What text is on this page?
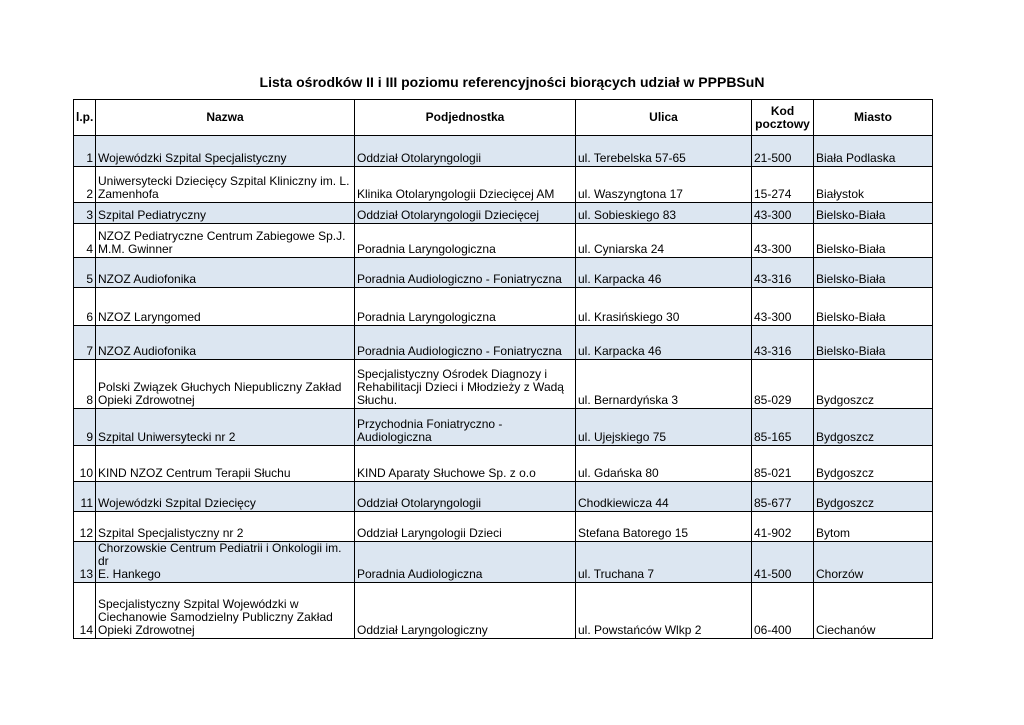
Lista ośrodków II i III poziomu referencyjności biorących udział w PPPBSuN
l.p.	Nazwa	Podjednostka	Ulica	Kod pocztowy	Miasto
1	Wojewódzki Szpital Specjalistyczny	Oddział Otolaryngologii	ul. Terebelska 57-65	21-500	Biała Podlaska
2	Uniwersytecki Dziecięcy Szpital Kliniczny im. L.
Zamenhofa	Klinika Otolaryngologii Dziecięcej AM	ul. Waszyngtona 17	15-274	Białystok
3	Szpital Pediatryczny	Oddział Otolaryngologii Dziecięcej	ul. Sobieskiego 83	43-300	Bielsko-Biała
4	NZOZ Pediatryczne Centrum Zabiegowe Sp.J.
M.M. Gwinner	Poradnia Laryngologiczna	ul. Cyniarska 24	43-300	Bielsko-Biała
5	NZOZ Audiofonika	Poradnia Audiologiczno - Foniatryczna	ul. Karpacka 46	43-316	Bielsko-Biała
6	NZOZ Laryngomed	Poradnia Laryngologiczna	ul. Krasińskiego 30	43-300	Bielsko-Biała
7	NZOZ Audiofonika	Poradnia Audiologiczno - Foniatryczna	ul. Karpacka 46	43-316	Bielsko-Biała
8	Polski Związek Głuchych Niepubliczny Zakład
Opieki Zdrowotnej	Specjalistyczny Ośrodek Diagnozy i
Rehabilitacji Dzieci i Młodzieży z Wadą
Słuchu.	ul. Bernardyńska 3	85-029	Bydgoszcz
9	Szpital Uniwersytecki nr 2	Przychodnia Foniatryczno - Audiologiczna	ul. Ujejskiego 75	85-165	Bydgoszcz
10	KIND NZOZ Centrum Terapii Słuchu	KIND Aparaty Słuchowe Sp. z o.o	ul. Gdańska 80	85-021	Bydgoszcz
11	Wojewódzki Szpital Dziecięcy	Oddział Otolaryngologii	Chodkiewicza 44	85-677	Bydgoszcz
12	Szpital Specjalistyczny nr 2	Oddział Laryngologii Dzieci	Stefana Batorego 15	41-902	Bytom
13	Chorzowskie Centrum Pediatrii i Onkologii im. dr
E. Hankego	Poradnia Audiologiczna	ul. Truchana 7	41-500	Chorzów
14	Specjalistyczny Szpital Wojewódzki w
Ciechanowie Samodzielny Publiczny Zakład
Opieki Zdrowotnej	Oddział Laryngologiczny	ul. Powstańców Wlkp 2	06-400	Ciechanów
